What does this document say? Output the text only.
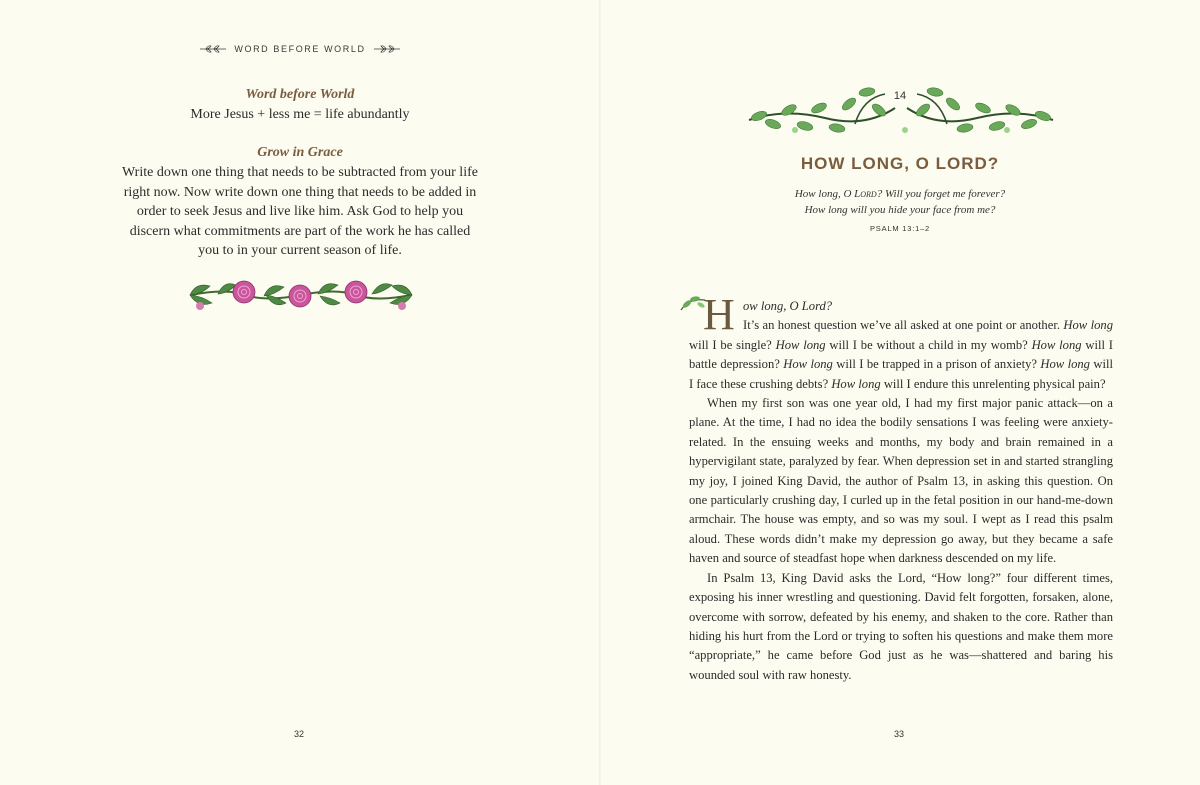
WORD BEFORE WORLD
Word before World
More Jesus + less me = life abundantly
Grow in Grace
Write down one thing that needs to be subtracted from your life right now. Now write down one thing that needs to be added in order to seek Jesus and live like him. Ask God to help you discern what commitments are part of the work he has called you to in your current season of life.
32
14
HOW LONG, O LORD?
How long, O Lord? Will you forget me forever?
How long will you hide your face from me?
PSALM 13:1–2

H ow long, O Lord?
It’s an honest question we’ve all asked at one point or another. How long will I be single? How long will I be without a child in my womb? How long will I battle depression? How long will I be trapped in a prison of anxiety? How long will I face these crushing debts? How long will I endure this unrelenting physical pain?

When my first son was one year old, I had my first major panic attack—on a plane. At the time, I had no idea the bodily sensations I was feeling were anxiety-related. In the ensuing weeks and months, my body and brain remained in a hypervigilant state, paralyzed by fear. When depression set in and started strangling my joy, I joined King David, the author of Psalm 13, in asking this question. On one particularly crushing day, I curled up in the fetal position in our hand-me-down armchair. The house was empty, and so was my soul. I wept as I read this psalm aloud. These words didn’t make my depression go away, but they became a safe haven and source of steadfast hope when darkness descended on my life.

In Psalm 13, King David asks the Lord, “How long?” four different times, exposing his inner wrestling and questioning. David felt forgotten, forsaken, alone, overcome with sorrow, defeated by his enemy, and shaken to the core. Rather than hiding his hurt from the Lord or trying to soften his questions and make them more “appropriate,” he came before God just as he was—shattered and baring his wounded soul with raw honesty.

33
